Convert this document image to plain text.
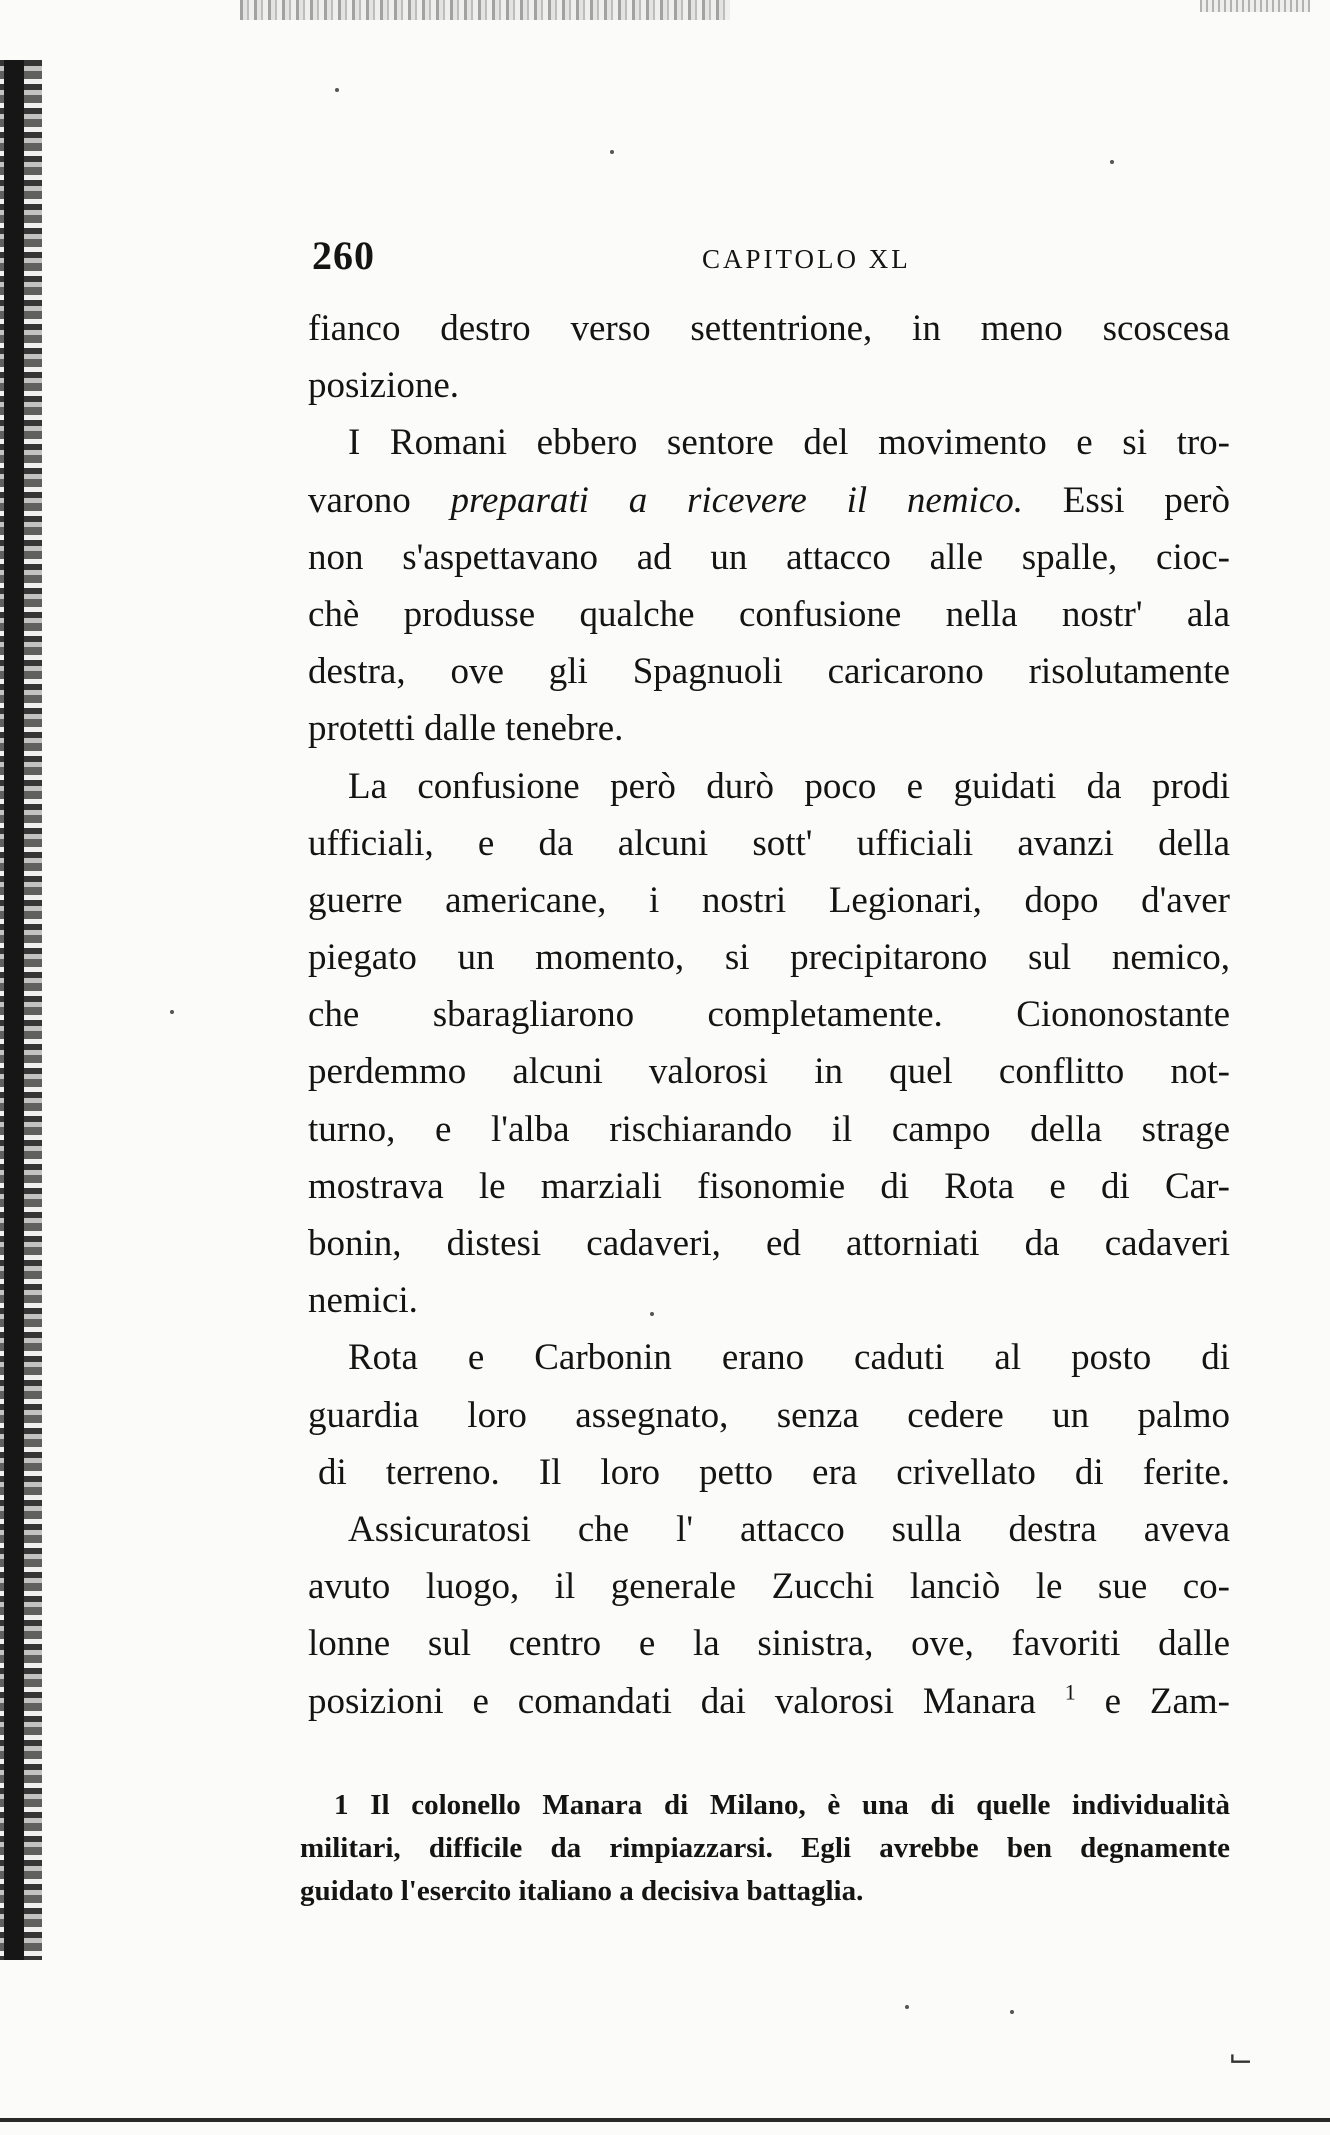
⌙
260	CAPITOLO XL
fianco destro verso settentrione, in meno scoscesa
posizione.
I Romani ebbero sentore del movimento e si tro-
varono preparati a ricevere il nemico. Essi però
non s'aspettavano ad un attacco alle spalle, cioc-
chè produsse qualche confusione nella nostr' ala
destra, ove gli Spagnuoli caricarono risolutamente
protetti dalle tenebre.
La confusione però durò poco e guidati da prodi
ufficiali, e da alcuni sott' ufficiali avanzi della
guerre americane, i nostri Legionari, dopo d'aver
piegato un momento, si precipitarono sul nemico,
che sbaragliarono completamente. Ciononostante
perdemmo alcuni valorosi in quel conflitto not-
turno, e l'alba rischiarando il campo della strage
mostrava le marziali fisonomie di Rota e di Car-
bonin, distesi cadaveri, ed attorniati da cadaveri
nemici.
Rota e Carbonin erano caduti al posto di
guardia loro assegnato, senza cedere un palmo
di terreno. Il loro petto era crivellato di ferite.
Assicuratosi che l' attacco sulla destra aveva
avuto luogo, il generale Zucchi lanciò le sue co-
lonne sul centro e la sinistra, ove, favoriti dalle
posizioni e comandati dai valorosi Manara $^1$ e Zam-
1 Il colonello Manara di Milano, è una di quelle individualità
militari, difficile da rimpiazzarsi. Egli avrebbe ben degnamente
guidato l'esercito italiano a decisiva battaglia.
